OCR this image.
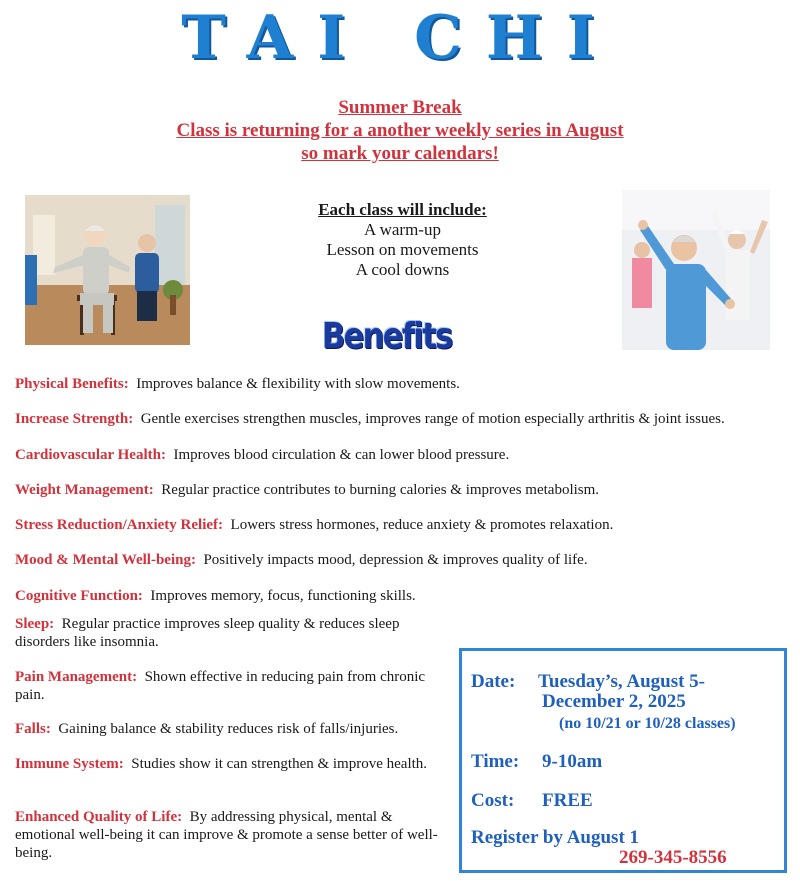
TAI CHI
Summer Break
Class is returning for a another weekly series in August
so mark your calendars!
Each class will include:
A warm-up
Lesson on movements
A cool downs
Benefits
Physical Benefits: Improves balance & flexibility with slow movements.
Increase Strength: Gentle exercises strengthen muscles, improves range of motion especially arthritis & joint issues.
Cardiovascular Health: Improves blood circulation & can lower blood pressure.
Weight Management: Regular practice contributes to burning calories & improves metabolism.
Stress Reduction/Anxiety Relief: Lowers stress hormones, reduce anxiety & promotes relaxation.
Mood & Mental Well-being: Positively impacts mood, depression & improves quality of life.
Cognitive Function: Improves memory, focus, functioning skills.
Sleep: Regular practice improves sleep quality & reduces sleep disorders like insomnia.
Pain Management: Shown effective in reducing pain from chronic pain.
Falls: Gaining balance & stability reduces risk of falls/injuries.
Immune System: Studies show it can strengthen & improve health.
Enhanced Quality of Life: By addressing physical, mental & emotional well-being it can improve & promote a sense better of well-being.
Date: Tuesday’s, August 5-
December 2, 2025
(no 10/21 or 10/28 classes)
Time: 9-10am
Cost: FREE
Register by August 1
269-345-8556
